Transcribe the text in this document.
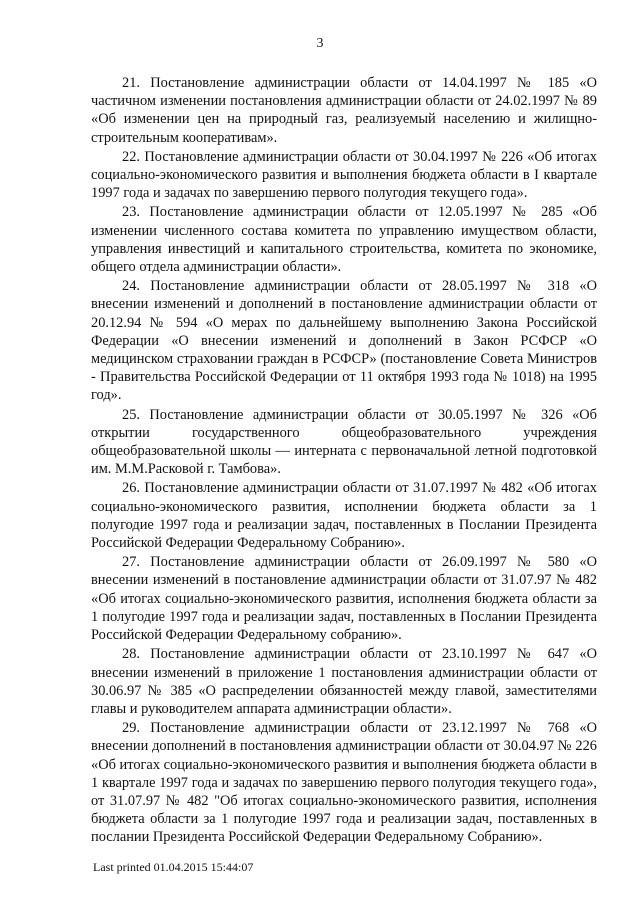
3

21. Постановление администрации области от 14.04.1997 № 185 «О частичном изменении постановления администрации области от 24.02.1997 № 89 «Об изменении цен на природный газ, реализуемый населению и жилищно-строительным кооперативам».

22. Постановление администрации области от 30.04.1997 № 226 «Об итогах социально-экономического развития и выполнения бюджета области в I квартале 1997 года и задачах по завершению первого полугодия текущего года».

23. Постановление администрации области от 12.05.1997 № 285 «Об изменении численного состава комитета по управлению имуществом области, управления инвестиций и капитального строительства, комитета по экономике, общего отдела администрации области».

24. Постановление администрации области от 28.05.1997 № 318 «О внесении изменений и дополнений в постановление администрации области от 20.12.94 № 594 «О мерах по дальнейшему выполнению Закона Российской Федерации «О внесении изменений и дополнений в Закон РСФСР «О медицинском страховании граждан в РСФСР» (постановление Совета Министров - Правительства Российской Федерации от 11 октября 1993 года № 1018) на 1995 год».

25. Постановление администрации области от 30.05.1997 № 326 «Об открытии государственного общеобразовательного учреждения общеобразовательной школы — интерната с первоначальной летной подготовкой им. М.М.Расковой г. Тамбова».

26. Постановление администрации области от 31.07.1997 № 482 «Об итогах социально-экономического развития, исполнении бюджета области за 1 полугодие 1997 года и реализации задач, поставленных в Послании Президента Российской Федерации Федеральному Собранию».

27. Постановление администрации области от 26.09.1997 № 580 «О внесении изменений в постановление администрации области от 31.07.97 № 482 «Об итогах социально-экономического развития, исполнения бюджета области за 1 полугодие 1997 года и реализации задач, поставленных в Послании Президента Российской Федерации Федеральному собранию».

28. Постановление администрации области от 23.10.1997 № 647 «О внесении изменений в приложение 1 постановления администрации области от 30.06.97 № 385 «О распределении обязанностей между главой, заместителями главы и руководителем аппарата администрации области».

29. Постановление администрации области от 23.12.1997 № 768 «О внесении дополнений в постановления администрации области от 30.04.97 № 226 «Об итогах социально-экономического развития и выполнения бюджета области в 1 квартале 1997 года и задачах по завершению первого полугодия текущего года», от 31.07.97 № 482 "Об итогах социально-экономического развития, исполнения бюджета области за 1 полугодие 1997 года и реализации задач, поставленных в послании Президента Российской Федерации Федеральному Собранию».

Last printed 01.04.2015 15:44:07
